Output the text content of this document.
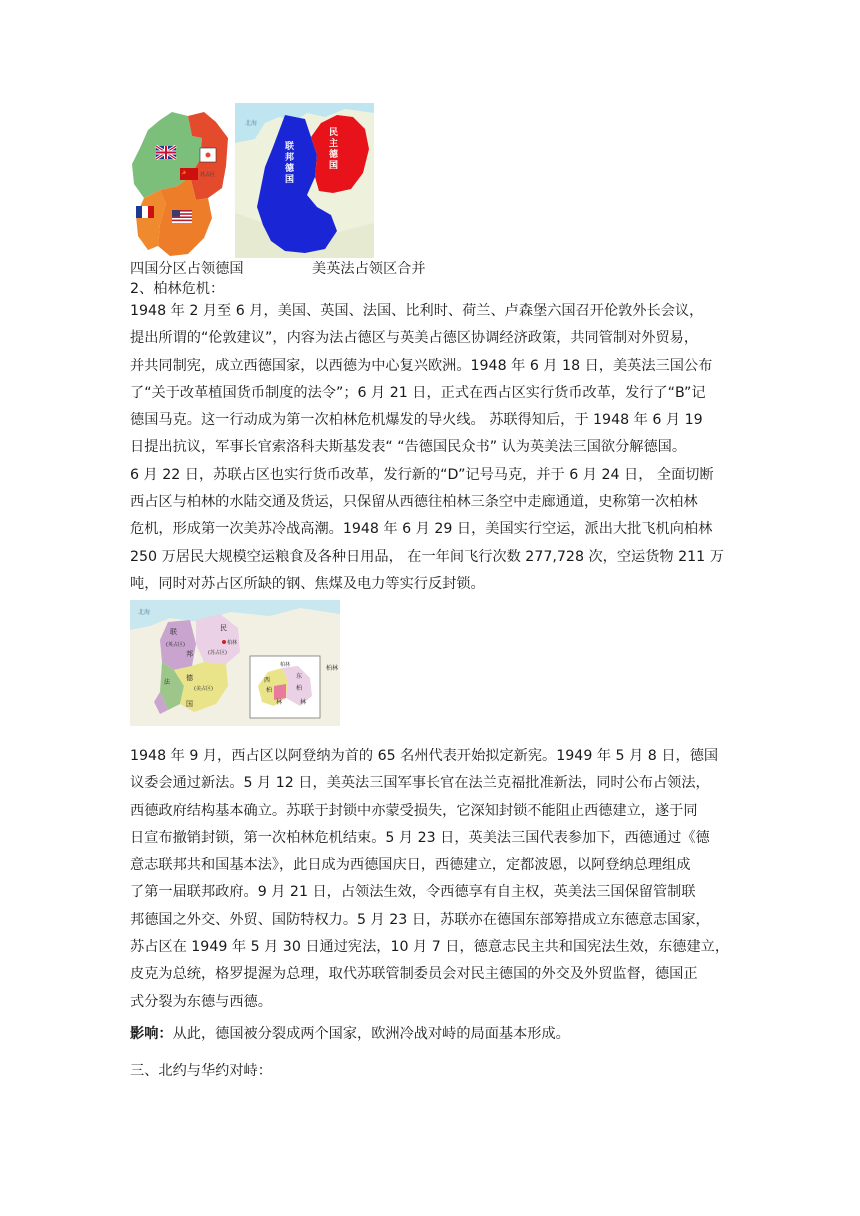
苏占区
☭
北海
联邦德国
民主德国
四国分区占领德国	美英法占领区合并
2、柏林危机：
1948 年 2 月至 6 月，美国、英国、法国、比利时、荷兰、卢森堡六国召开伦敦外长会议，
提出所谓的“伦敦建议”，内容为法占德区与英美占德区协调经济政策，共同管制对外贸易，
并共同制宪，成立西德国家，以西德为中心复兴欧洲。1948 年 6 月 18 日，美英法三国公布
了“关于改革植国货币制度的法令”；6 月 21 日，正式在西占区实行货币改革，发行了“B”记
德国马克。这一行动成为第一次柏林危机爆发的导火线。 苏联得知后，于 1948 年 6 月 19
日提出抗议，军事长官索洛科夫斯基发表“ “告德国民众书” 认为英美法三国欲分解德国。
6 月 22 日，苏联占区也实行货币改革，发行新的“D”记号马克，并于 6 月 24 日， 全面切断
西占区与柏林的水陆交通及货运，只保留从西德往柏林三条空中走廊通道，史称第一次柏林
危机，形成第一次美苏冷战高潮。1948 年 6 月 29 日，美国实行空运，派出大批飞机向柏林
250 万居民大规模空运粮食及各种日用品， 在一年间飞行次数 277,728 次，空运货物 211 万
吨，同时对苏占区所缺的钢、焦煤及电力等实行反封锁。
北海
联	民
(英占区)
邦	(苏占区)
德
法
(美占区)
国
柏林
柏林
柏林
西
东
柏	柏
林	林
1948 年 9 月，西占区以阿登纳为首的 65 名州代表开始拟定新宪。1949 年 5 月 8 日，德国
议委会通过新法。5 月 12 日，美英法三国军事长官在法兰克福批准新法，同时公布占领法，
西德政府结构基本确立。苏联于封锁中亦蒙受损失，它深知封锁不能阻止西德建立，遂于同
日宣布撤销封锁，第一次柏林危机结束。5 月 23 日，英美法三国代表参加下，西德通过《德
意志联邦共和国基本法》，此日成为西德国庆日，西德建立，定都波恩，以阿登纳总理组成
了第一届联邦政府。9 月 21 日，占领法生效，令西德享有自主权，英美法三国保留管制联
邦德国之外交、外贸、国防特权力。5 月 23 日，苏联亦在德国东部筹措成立东德意志国家，
苏占区在 1949 年 5 月 30 日通过宪法，10 月 7 日，德意志民主共和国宪法生效，东德建立，
皮克为总统，格罗提渥为总理，取代苏联管制委员会对民主德国的外交及外贸监督，德国正
式分裂为东德与西德。
影响：从此，德国被分裂成两个国家，欧洲冷战对峙的局面基本形成。
三、北约与华约对峙：
